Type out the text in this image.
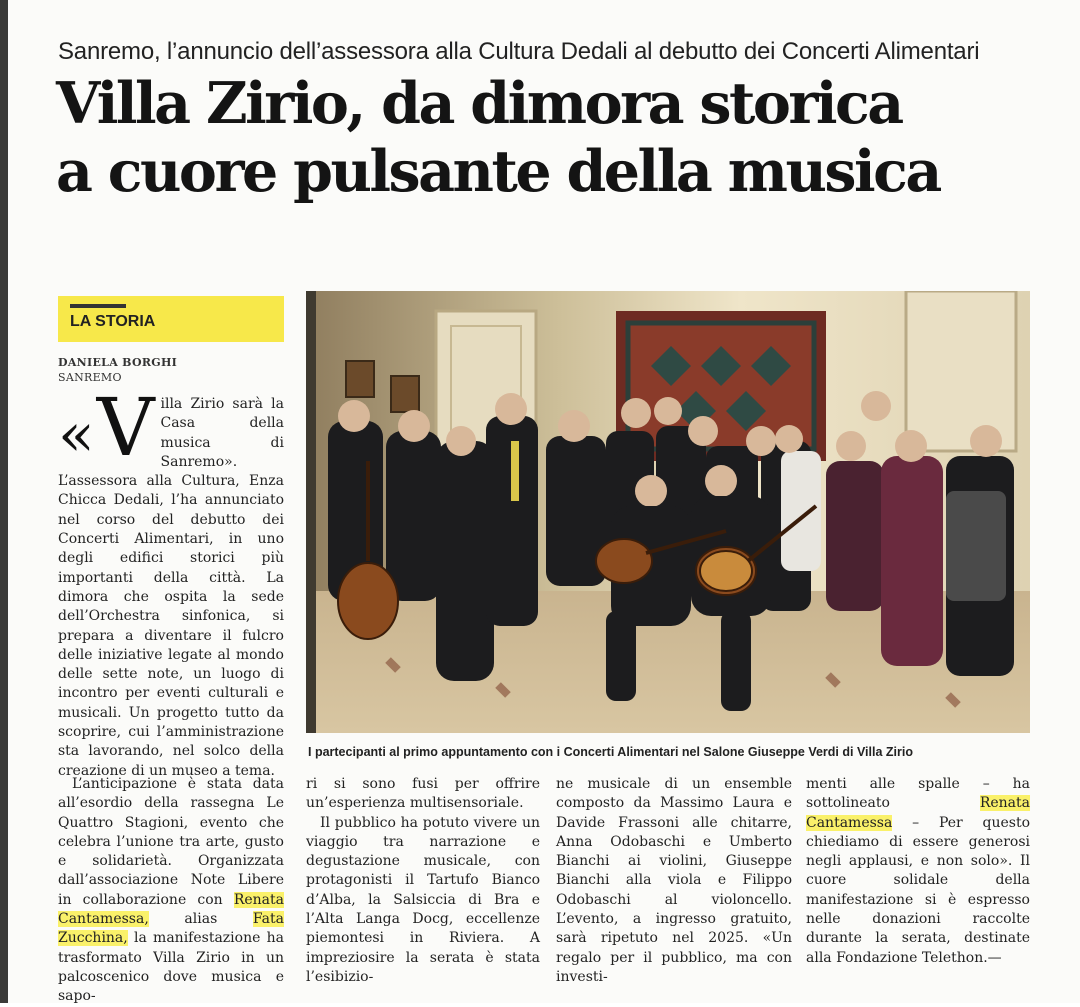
Sanremo, l’annuncio dell’assessora alla Cultura Dedali al debutto dei Concerti Alimentari
Villa Zirio, da dimora storica
a cuore pulsante della musica
LA STORIA
DANIELA BORGHI
SANREMO

« V illa Zirio sarà la Casa della musica di Sanremo». L’assessora alla Cultura, Enza Chicca Dedali, l’ha annunciato nel corso del debutto dei Concerti Alimentari, in uno degli edifici storici più importanti della città. La dimora che ospita la sede dell’Orchestra sinfonica, si prepara a diventare il fulcro delle iniziative legate al mondo delle sette note, un luogo di incontro per eventi culturali e musicali. Un progetto tutto da scoprire, cui l’amministrazione sta lavorando, nel solco della creazione di un museo a tema.

L’anticipazione è stata data all’esordio della rassegna Le Quattro Stagioni, evento che celebra l’unione tra arte, gusto e solidarietà. Organizzata dall’associazione Note Libere in collaborazione con Renata Cantamessa,	alias	Fata Zucchina, la manifestazione ha trasformato Villa Zirio in un palcoscenico dove musica e sapo-

I partecipanti al primo appuntamento con i Concerti Alimentari nel Salone Giuseppe Verdi di Villa Zirio

ri si sono fusi per offrire un’esperienza multisensoriale.

Il pubblico ha potuto vivere un viaggio tra narrazione e degustazione musicale, con protagonisti il Tartufo Bianco d’Alba, la Salsiccia di Bra e l’Alta Langa Docg, eccellenze piemontesi in Riviera. A impreziosire la serata è stata l’esibizio-

ne musicale di un ensemble composto da Massimo Laura e Davide Frassoni alle chitarre, Anna Odobaschi e Umberto Bianchi ai violini, Giuseppe Bianchi alla viola e Filippo Odobaschi al violoncello. L’evento, a ingresso gratuito, sarà ripetuto nel 2025. «Un regalo per il pubblico, ma con investi-

menti alle spalle – ha sottolineato	Renata Cantamessa – Per questo chiediamo di essere generosi negli applausi, e non solo». Il cuore solidale della manifestazione si è espresso nelle donazioni raccolte durante la serata, destinate alla Fondazione Telethon.—
